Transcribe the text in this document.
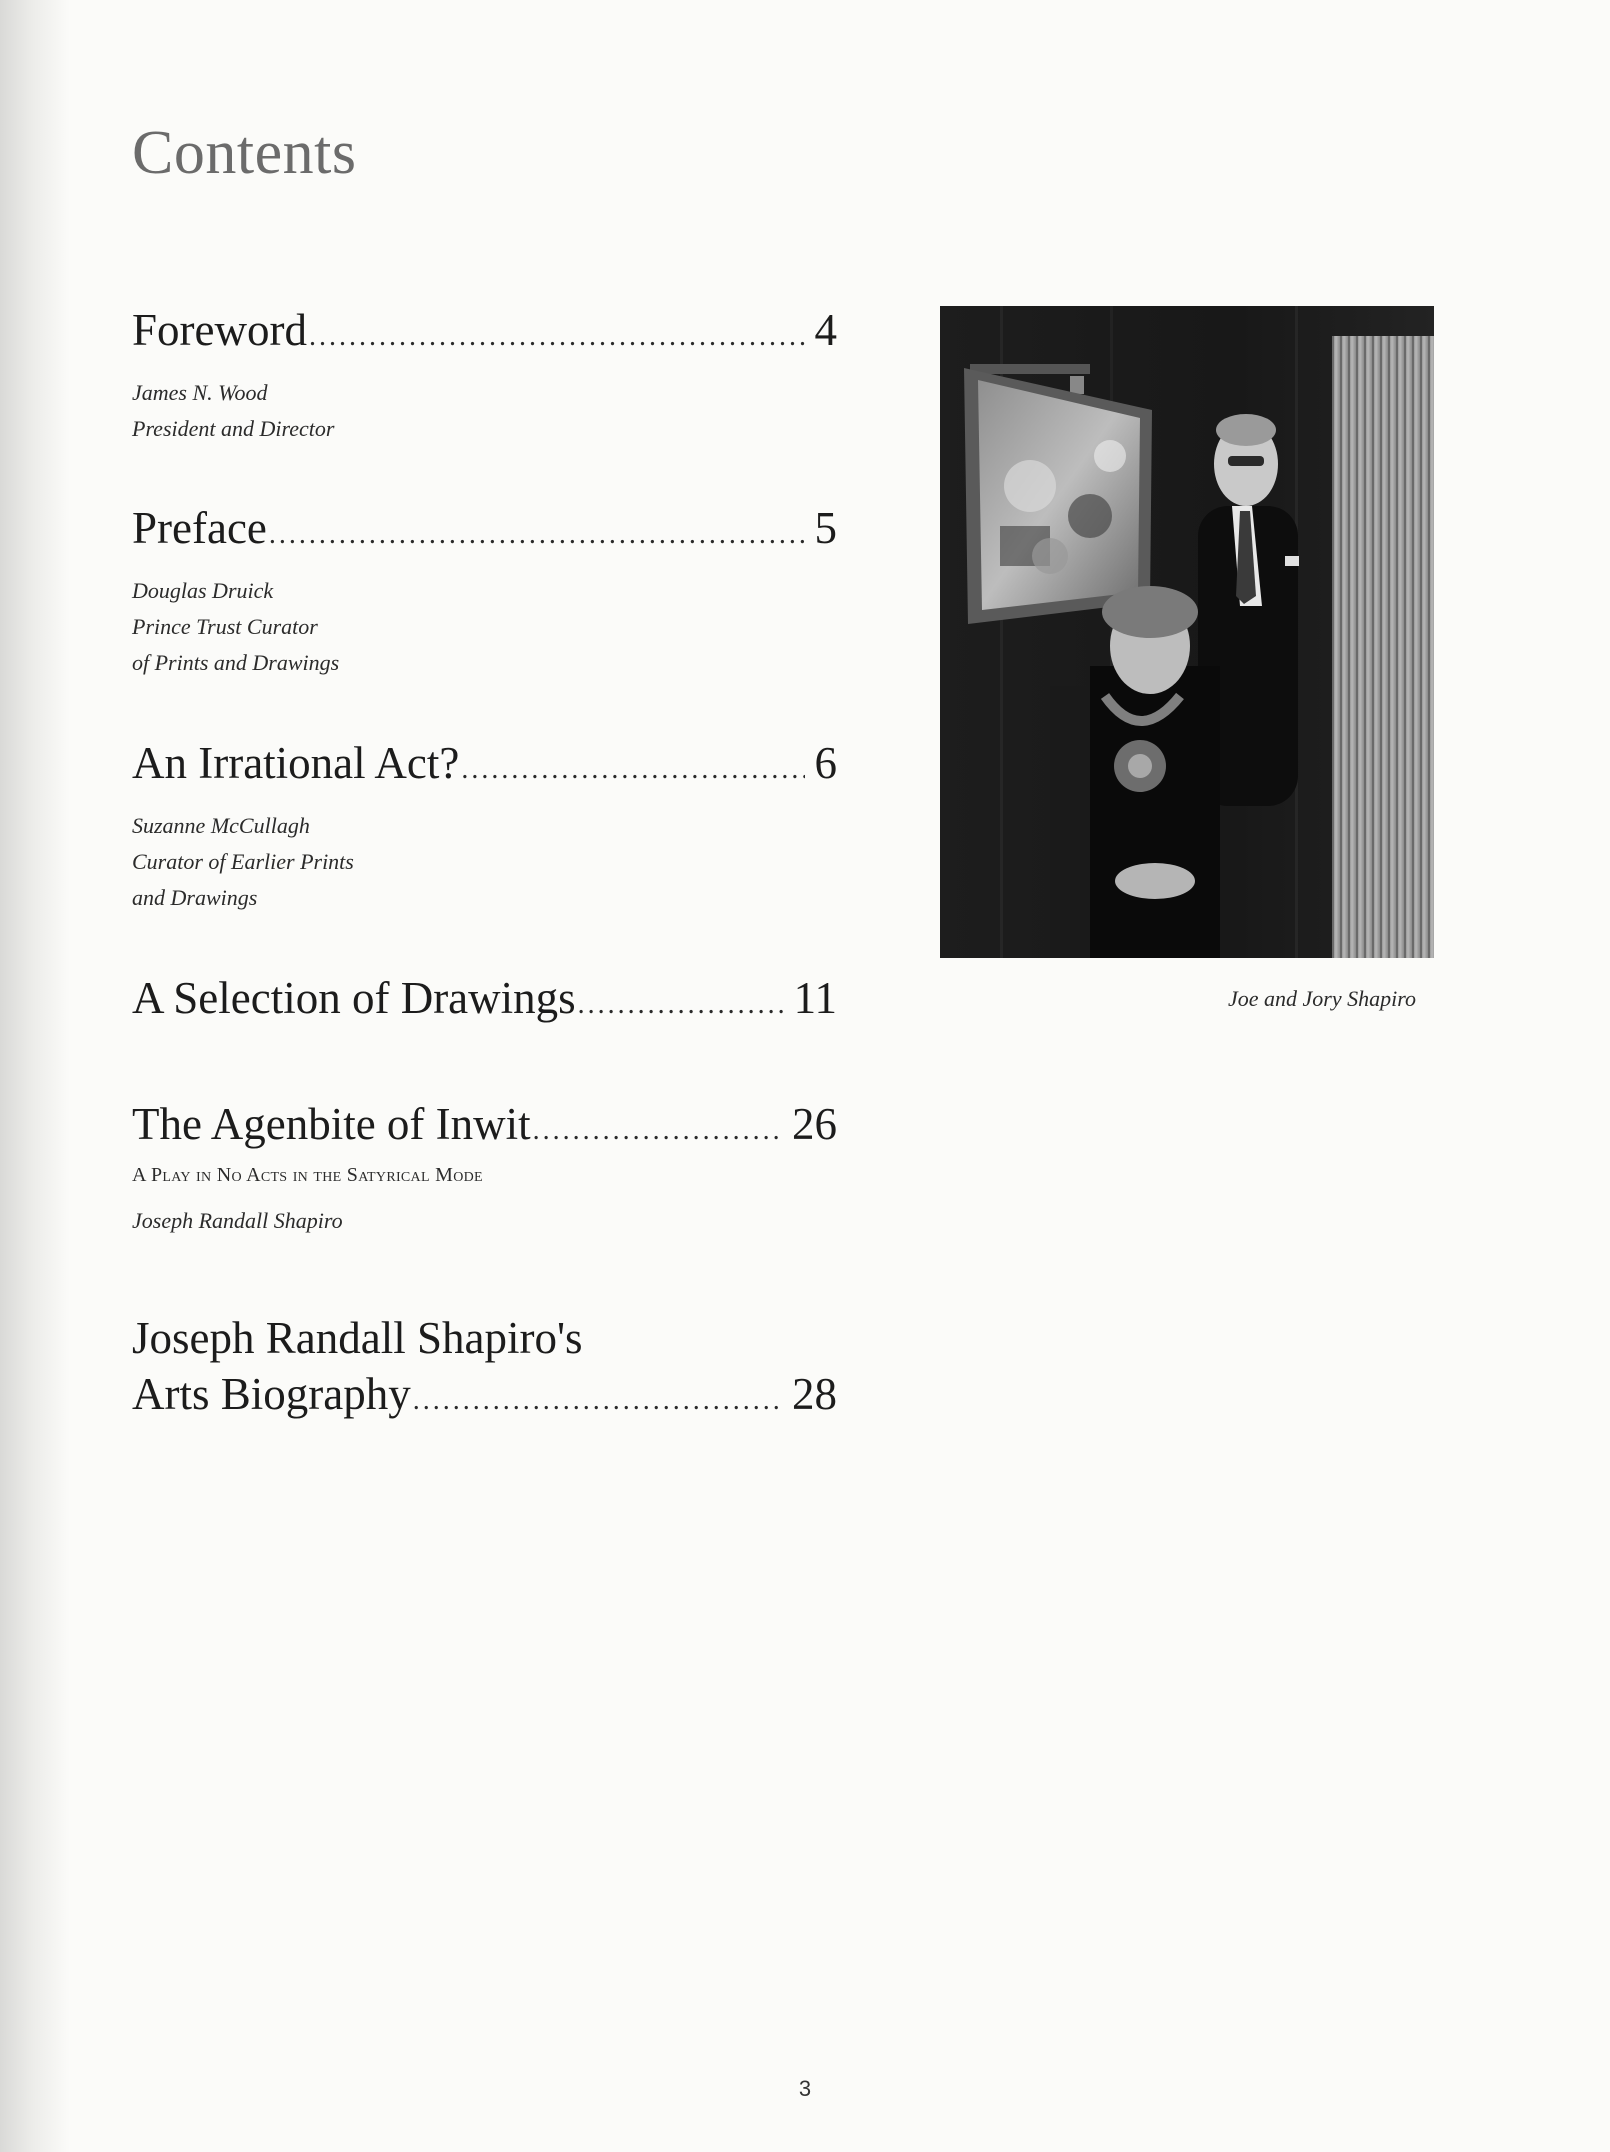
Contents
Foreword .....	4
James N. Wood
President and Director
Preface .....	5
Douglas Druick
Prince Trust Curator
of Prints and Drawings
An Irrational Act? .....	6
Suzanne McCullagh
Curator of Earlier Prints
and Drawings
A Selection of Drawings .....	11
The Agenbite of Inwit .....	26
A Play in No Acts in the Satyrical Mode
Joseph Randall Shapiro
Joseph Randall Shapiro's
Arts Biography .....	28
Joe and Jory Shapiro
3
